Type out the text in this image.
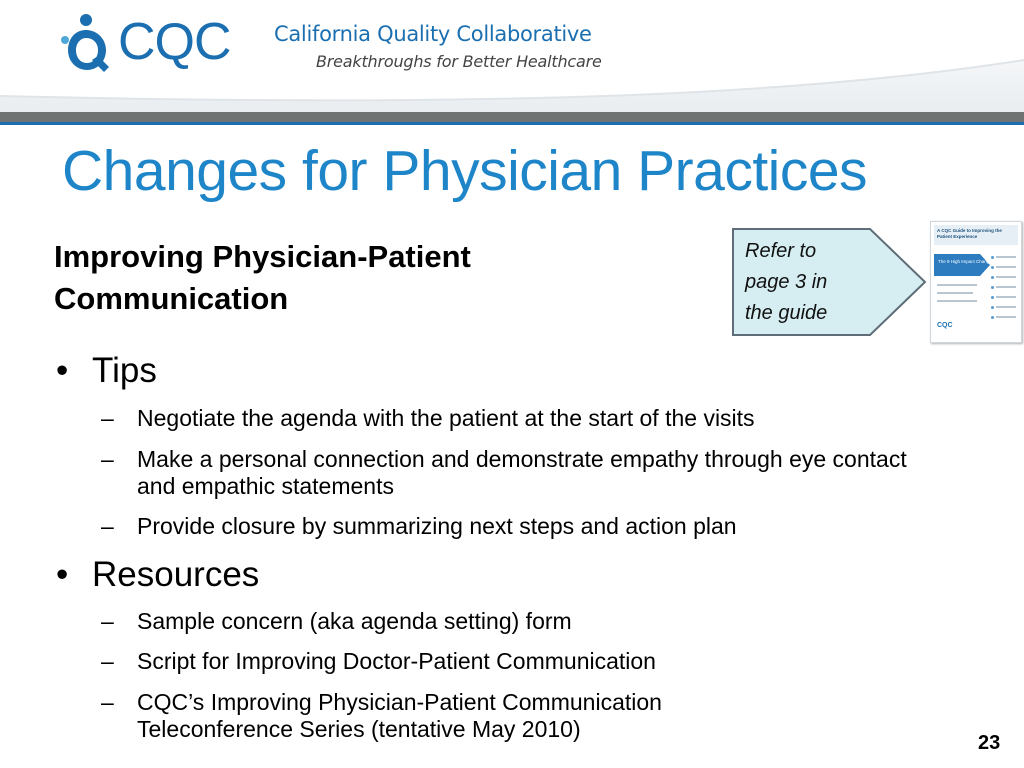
CQC California Quality Collaborative
Breakthroughs for Better Healthcare
Changes for Physician Practices
Improving Physician-Patient
Communication
Refer to
page 3 in
the guide
A CQC Guide to Improving the Patient Experience
The 9 High Impact Changes
CQC
• Tips
– Negotiate the agenda with the patient at the start of the visits
– Make a personal connection and demonstrate empathy through eye contact and empathic statements
– Provide closure by summarizing next steps and action plan
• Resources
– Sample concern (aka agenda setting) form
– Script for Improving Doctor-Patient Communication
– CQC’s Improving Physician-Patient Communication Teleconference Series (tentative May 2010)
23
